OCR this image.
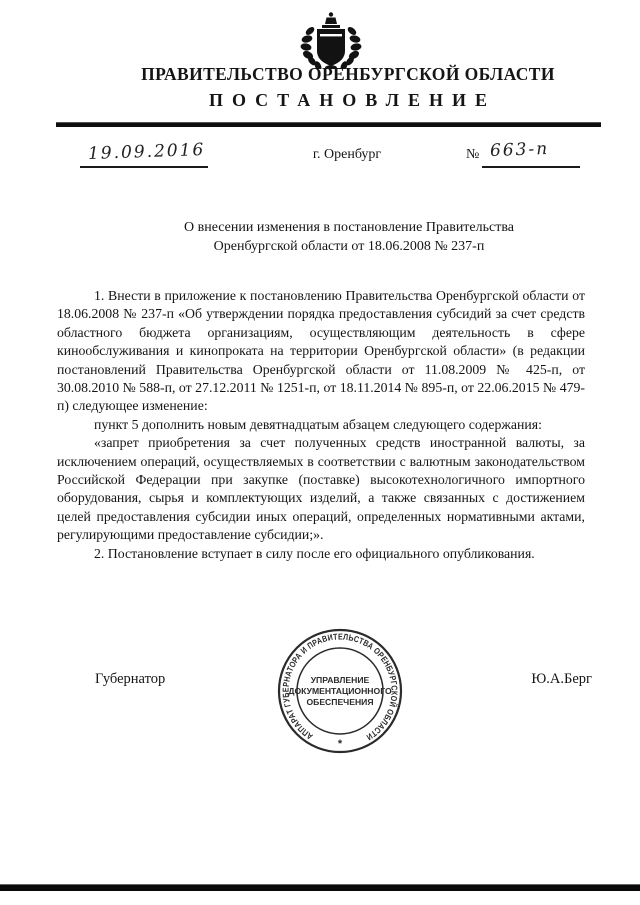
ПРАВИТЕЛЬСТВО ОРЕНБУРГСКОЙ ОБЛАСТИ
ПОСТАНОВЛЕНИЕ
19.09.2016	г. Оренбург	№ 663-п
О внесении изменения в постановление Правительства Оренбургской области от 18.06.2008 № 237-п

1. Внести в приложение к постановлению Правительства Оренбургской области от 18.06.2008 № 237-п «Об утверждении порядка предоставления субсидий за счет средств областного бюджета организациям, осуществляющим деятельность в сфере кинообслуживания и кинопроката на территории Оренбургской области» (в редакции постановлений Правительства Оренбургской области от 11.08.2009 № 425-п, от 30.08.2010 № 588-п, от 27.12.2011 № 1251-п, от 18.11.2014 № 895-п, от 22.06.2015 № 479-п) следующее изменение:

пункт 5 дополнить новым девятнадцатым абзацем следующего содержания:

«запрет приобретения за счет полученных средств иностранной валюты, за исключением операций, осуществляемых в соответствии с валютным законодательством Российской Федерации при закупке (поставке) высокотехнологичного импортного оборудования, сырья и комплектующих изделий, а также связанных с достижением целей предоставления субсидии иных операций, определенных нормативными актами, регулирующими предоставление субсидии;».

2. Постановление вступает в силу после его официального опубликования.

Губернатор	Ю.А.Берг
АППАРАТ ГУБЕРНАТОРА И ПРАВИТЕЛЬСТВА ОРЕНБУРГСКОЙ ОБЛАСТИ
*
УПРАВЛЕНИЕ
ДОКУМЕНТАЦИОННОГО
ОБЕСПЕЧЕНИЯ
